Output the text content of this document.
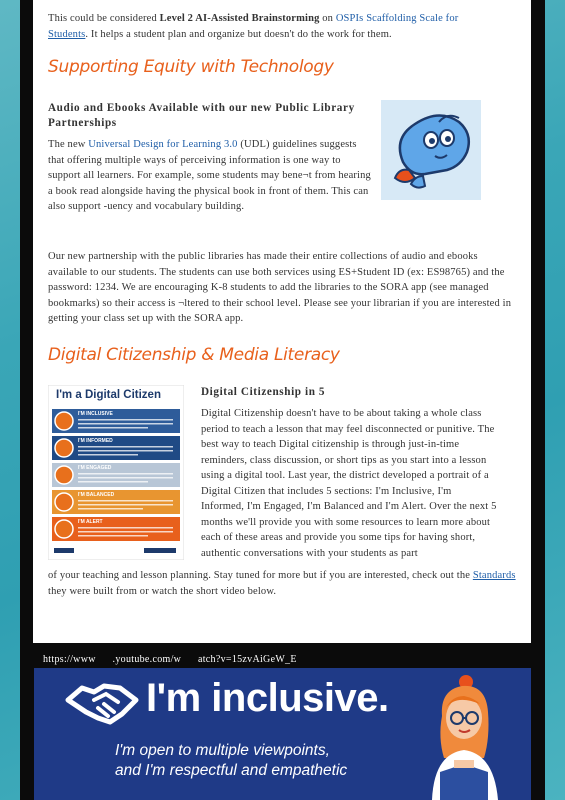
This could be considered Level 2 AI-Assisted Brainstorming on OSPIs Scaffolding Scale for
Students. It helps a student plan and organize but doesn't do the work for them.
Supporting Equity with Technology
Audio and Ebooks Available with our new Public Library Partnerships
The new Universal Design for Learning 3.0 (UDL) guidelines suggests that offering multiple ways of perceiving information is one way to support all learners. For example, some students may bene¬t from hearing a book read alongside having the physical book in front of them. This can also support ‑uency and vocabulary building.
Our new partnership with the public libraries has made their entire collections of audio and ebooks available to our students. The students can use both services using ES+Student ID (ex: ES98765) and the password: 1234. We are encouraging K-8 students to add the libraries to the SORA app (see managed bookmarks) so their access is ¬ltered to their school level. Please see your librarian if you are interested in getting your class set up with the SORA app.
Digital Citizenship & Media Literacy
I'm a Digital Citizen
I'M INCLUSIVE
I'M INFORMED
I'M ENGAGED
I'M BALANCED
I'M ALERT
Digital Citizenship in 5
Digital Citizenship doesn't have to be about taking a whole class period to teach a lesson that may feel disconnected or punitive. The best way to teach Digital citizenship is through just-in-time reminders, class discussion, or short tips as you start into a lesson using a digital tool. Last year, the district developed a portrait of a Digital Citizen that includes 5 sections: I'm Inclusive, I'm Informed, I'm Engaged, I'm Balanced and I'm Alert. Over the next 5 months we'll provide you with some resources to learn more about each of these areas and provide you some tips for having short, authentic conversations with your students as part
of your teaching and lesson planning. Stay tuned for more but if you are interested, check out the Standards they were built from or watch the short video below.
https://www      .youtube.com/w      atch?v=15zvAiGeW_E
I'm inclusive.
I'm open to multiple viewpoints,
and I'm respectful and empathetic
